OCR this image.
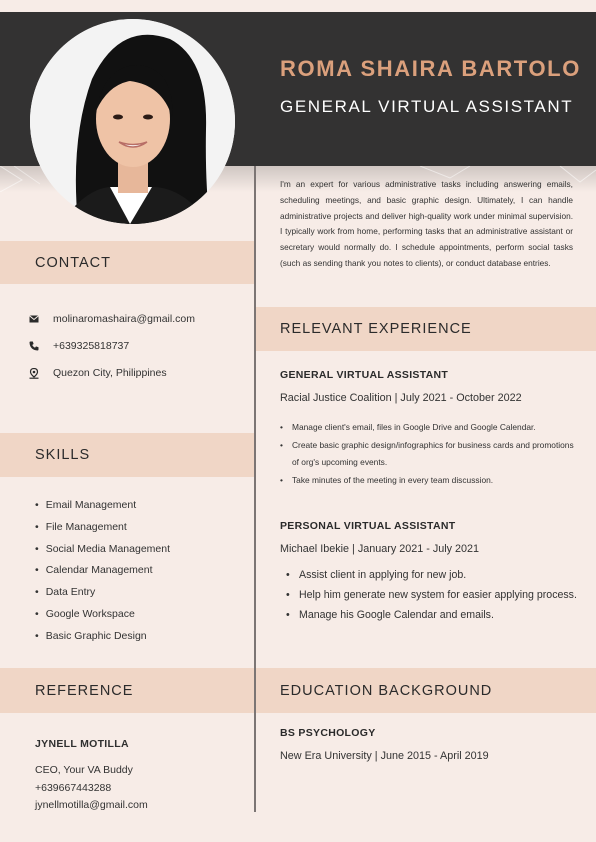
ROMA SHAIRA BARTOLO
GENERAL VIRTUAL ASSISTANT
CONTACT
molinaromashaira@gmail.com
+639325818737
Quezon City, Philippines
SKILLS
• Email Management
• File Management
• Social Media Management
• Calendar Management
• Data Entry
• Google Workspace
• Basic Graphic Design
REFERENCE
JYNELL MOTILLA
CEO, Your VA Buddy
+639667443288
jynellmotilla@gmail.com

I'm an expert for various administrative tasks including answering emails, scheduling meetings, and basic graphic design. Ultimately, I can handle administrative projects and deliver high-quality work under minimal supervision. I typically work from home, performing tasks that an administrative assistant or secretary would normally do. I schedule appointments, perform social tasks (such as sending thank you notes to clients), or conduct database entries.

RELEVANT EXPERIENCE
GENERAL VIRTUAL ASSISTANT
Racial Justice Coalition | July 2021 - October 2022
• Manage client's email, files in Google Drive and Google Calendar.
• Create basic graphic design/infographics for business cards and promotions of org's upcoming events.
• Take minutes of the meeting in every team discussion.
PERSONAL VIRTUAL ASSISTANT
Michael Ibekie | January 2021 - July 2021
• Assist client in applying for new job.
• Help him generate new system for easier applying process.
• Manage his Google Calendar and emails.
EDUCATION BACKGROUND
BS PSYCHOLOGY
New Era University | June 2015 - April 2019
